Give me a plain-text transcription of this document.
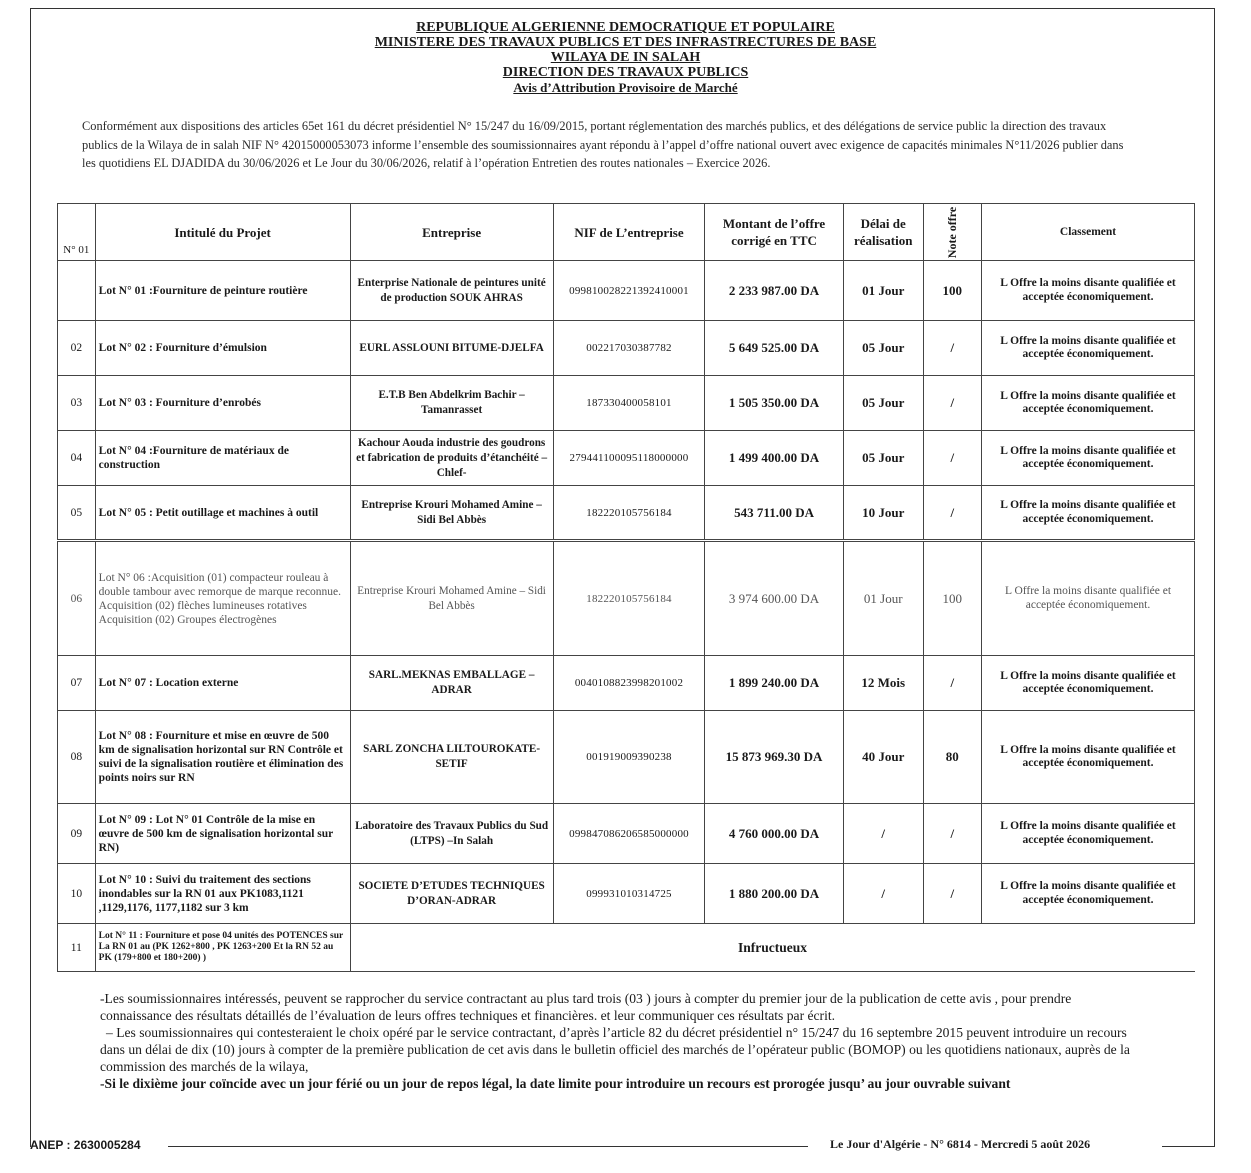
REPUBLIQUE ALGERIENNE DEMOCRATIQUE ET POPULAIRE
MINISTERE DES TRAVAUX PUBLICS ET DES INFRASTRECTURES DE BASE
WILAYA DE IN SALAH
DIRECTION DES TRAVAUX PUBLICS
Avis d’Attribution Provisoire de Marché
Conformément aux dispositions des articles 65et 161 du décret présidentiel N° 15/247 du 16/09/2015, portant réglementation des marchés publics, et des délégations de service public la direction des travaux publics de la Wilaya de in salah NIF N° 42015000053073 informe l’ensemble des soumissionnaires ayant répondu à l’appel d’offre national ouvert avec exigence de capacités minimales N°11/2026 publier dans les quotidiens EL DJADIDA du 30/06/2026 et Le Jour du 30/06/2026, relatif à l’opération Entretien des routes nationales – Exercice 2026.
N° 01	Intitulé du Projet	Entreprise	NIF de L’entreprise	Montant de l’offre corrigé en TTC	Délai de réalisation	Note offre	Classement
	Lot N° 01 :Fourniture de peinture routière	Enterprise Nationale de peintures unité de production SOUK AHRAS	099810028221392410001	2 233 987.00 DA	01 Jour	100	L Offre la moins disante qualifiée et acceptée économiquement.
02	Lot N° 02 : Fourniture d’émulsion	EURL ASSLOUNI BITUME-DJELFA	002217030387782	5 649 525.00 DA	05 Jour	/	L Offre la moins disante qualifiée et acceptée économiquement.
03	Lot N° 03 : Fourniture d’enrobés	E.T.B Ben Abdelkrim Bachir – Tamanrasset	187330400058101	1 505 350.00 DA	05 Jour	/	L Offre la moins disante qualifiée et acceptée économiquement.
04	Lot N° 04 :Fourniture de matériaux de construction	Kachour Aouda industrie des goudrons et fabrication de produits d’étanchéité –Chlef-	279441100095118000000	1 499 400.00 DA	05 Jour	/	L Offre la moins disante qualifiée et acceptée économiquement.
05	Lot N° 05 : Petit outillage et machines à outil	Entreprise Krouri Mohamed Amine – Sidi Bel Abbès	182220105756184	543 711.00 DA	10 Jour	/	L Offre la moins disante qualifiée et acceptée économiquement.
06	Lot N° 06 :Acquisition (01) compacteur rouleau à double tambour avec remorque de marque reconnue. Acquisition (02) flèches lumineuses rotatives Acquisition (02) Groupes électrogènes	Entreprise Krouri Mohamed Amine – Sidi Bel Abbès	182220105756184	3 974 600.00 DA	01 Jour	100	L Offre la moins disante qualifiée et acceptée économiquement.
07	Lot N° 07 : Location externe	SARL.MEKNAS EMBALLAGE – ADRAR	0040108823998201002	1 899 240.00 DA	12 Mois	/	L Offre la moins disante qualifiée et acceptée économiquement.
08	Lot N° 08 : Fourniture et mise en œuvre de 500 km de signalisation horizontal sur RN Contrôle et suivi de la signalisation routière et élimination des points noirs sur RN	SARL ZONCHA LILTOUROKATE-SETIF	001919009390238	15 873 969.30 DA	40 Jour	80	L Offre la moins disante qualifiée et acceptée économiquement.
09	Lot N° 09 : Lot N° 01 Contrôle de la mise en œuvre de 500 km de signalisation horizontal sur RN)	Laboratoire des Travaux Publics du Sud (LTPS) –In Salah	099847086206585000000	4 760 000.00 DA	/	/	L Offre la moins disante qualifiée et acceptée économiquement.
10	Lot N° 10 : Suivi du traitement des sections inondables sur la RN 01 aux PK1083,1121 ,1129,1176, 1177,1182 sur 3 km	SOCIETE D’ETUDES TECHNIQUES D’ORAN-ADRAR	099931010314725	1 880 200.00 DA	/	/	L Offre la moins disante qualifiée et acceptée économiquement.
11	Lot N° 11 : Fourniture et pose 04 unités des POTENCES sur La RN 01 au (PK 1262+800 , PK 1263+200 Et la RN 52 au PK (179+800 et 180+200) )	Infructueux					

-Les soumissionnaires intéressés, peuvent se rapprocher du service contractant au plus tard trois (03 ) jours à compter du premier jour de la publication de cette avis , pour prendre connaissance des résultats détaillés de l’évaluation de leurs offres techniques et financières. et leur communiquer ces résultats par écrit.

– Les soumissionnaires qui contesteraient le choix opéré par le service contractant, d’après l’article 82 du décret présidentiel n° 15/247 du 16 septembre 2015 peuvent introduire un recours dans un délai de dix (10) jours à compter de la première publication de cet avis dans le bulletin officiel des marchés de l’opérateur public (BOMOP) ou les quotidiens nationaux, auprès de la commission des marchés de la wilaya,

-Si le dixième jour coïncide avec un jour férié ou un jour de repos légal, la date limite pour introduire un recours est prorogée jusqu’ au jour ouvrable suivant

ANEP : 2630005284	Le Jour d'Algérie - N° 6814 - Mercredi 5 août 2026
